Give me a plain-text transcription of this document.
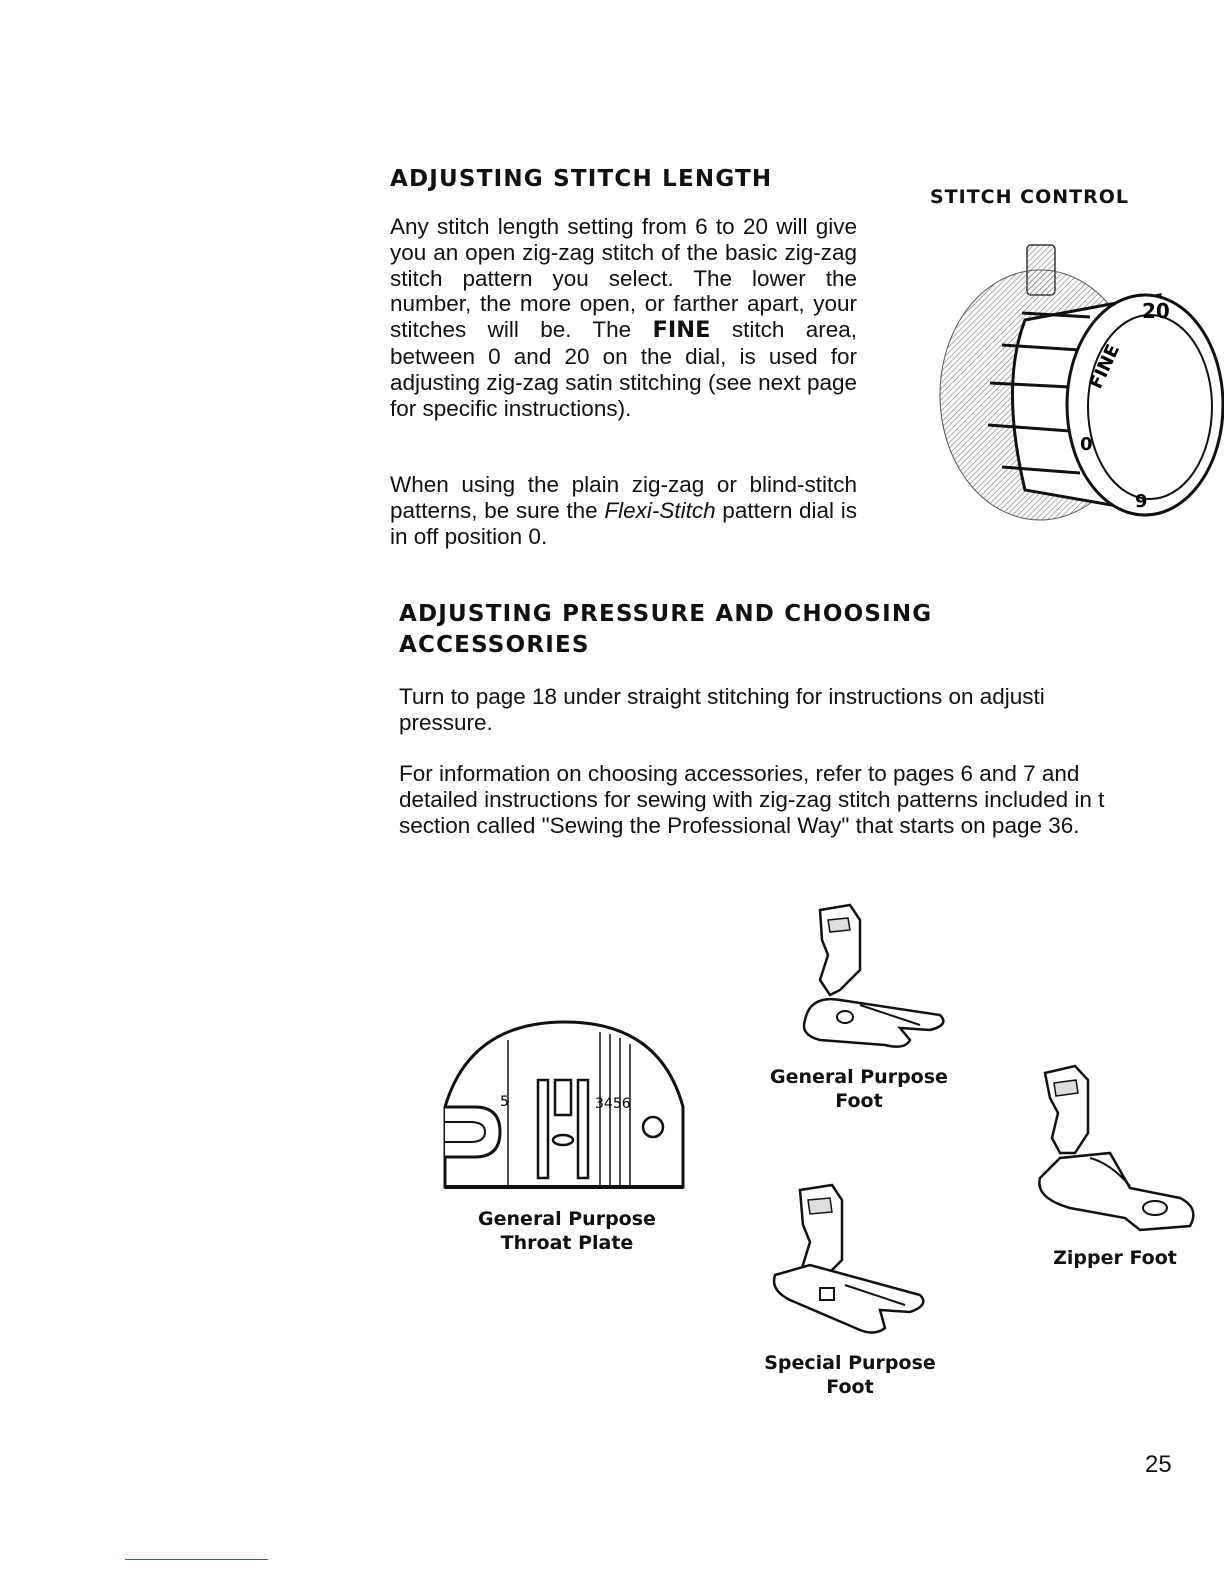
ADJUSTING STITCH LENGTH

Any stitch length setting from 6 to 20 will give you an open zig-zag stitch of the basic zig-zag stitch pattern you select. The lower the number, the more open, or farther apart, your stitches will be. The FINE stitch area, between 0 and 20 on the dial, is used for adjusting zig-zag satin stitching (see next page for specific instructions).

When using the plain zig-zag or blind-stitch patterns, be sure the Flexi-Stitch pattern dial is in off position 0.

STITCH CONTROL
20
FINE
0
9
ADJUSTING PRESSURE AND CHOOSING
ACCESSORIES

Turn to page 18 under straight stitching for instructions on adjusti
pressure.

For information on choosing accessories, refer to pages 6 and 7 and
detailed instructions for sewing with zig-zag stitch patterns included in t
section called "Sewing the Professional Way" that starts on page 36.

5	3456
General Purpose
Throat Plate
General Purpose
Foot
Special Purpose
Foot
Zipper Foot
25
